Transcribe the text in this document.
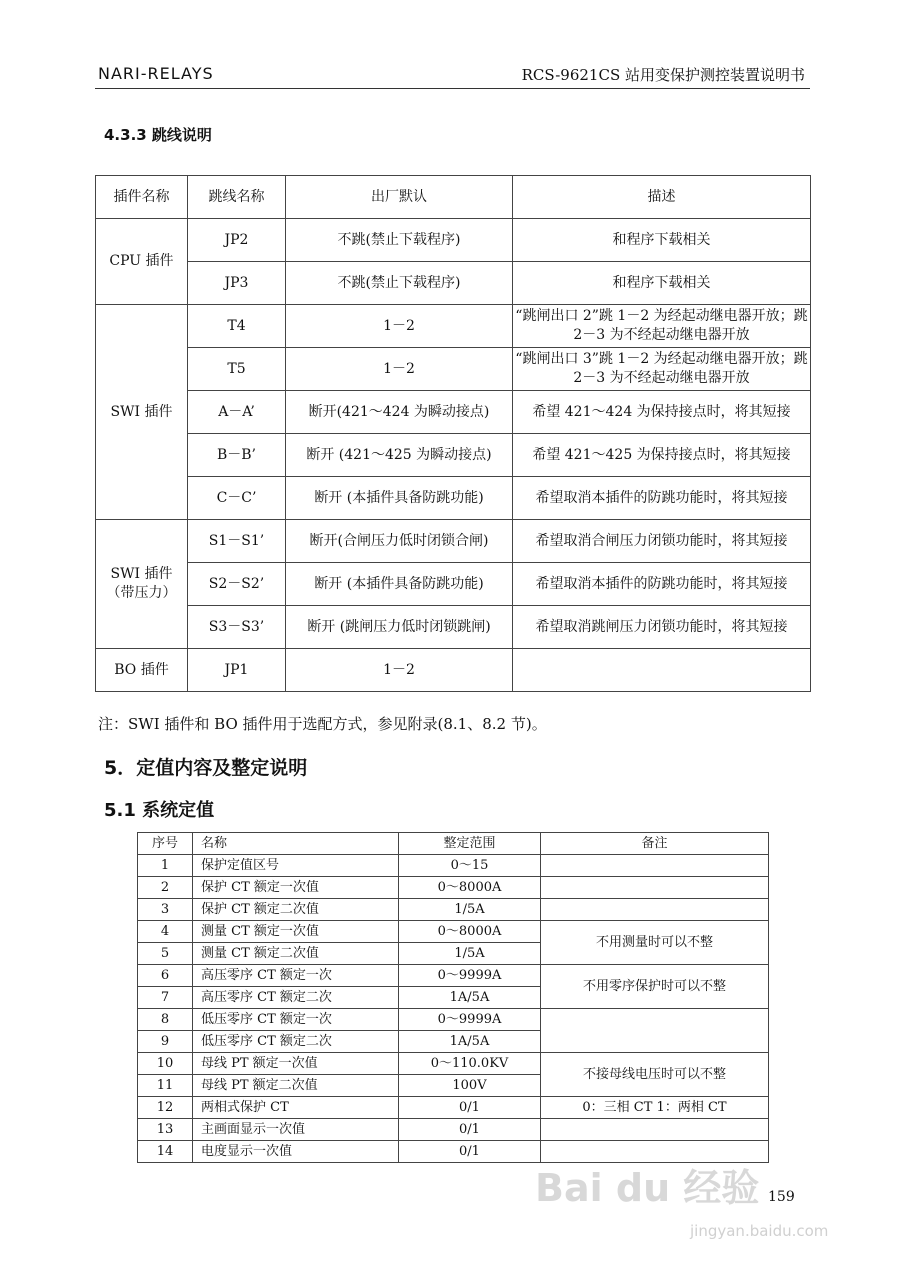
NARI-RELAYS	RCS-9621CS 站用变保护测控装置说明书
4.3.3 跳线说明
插件名称	跳线名称	出厂默认	描述
CPU 插件	JP2	不跳(禁止下载程序)	和程序下载相关
	JP3	不跳(禁止下载程序)	和程序下载相关
SWI 插件	T4	1－2	“跳闸出口 2”跳 1－2 为经起动继电器开放；跳 2－3 为不经起动继电器开放
	T5	1－2	“跳闸出口 3”跳 1－2 为经起动继电器开放；跳 2－3 为不经起动继电器开放
	A－A’	断开(421～424 为瞬动接点)	希望 421～424 为保持接点时，将其短接
	B－B’	断开 (421～425 为瞬动接点)	希望 421～425 为保持接点时，将其短接
	C－C’	断开 (本插件具备防跳功能)	希望取消本插件的防跳功能时，将其短接
SWI 插件（带压力）	S1－S1’	断开(合闸压力低时闭锁合闸)	希望取消合闸压力闭锁功能时，将其短接
	S2－S2’	断开 (本插件具备防跳功能)	希望取消本插件的防跳功能时，将其短接
	S3－S3’	断开 (跳闸压力低时闭锁跳闸)	希望取消跳闸压力闭锁功能时，将其短接
BO 插件	JP1	1－2	
注：SWI 插件和 BO 插件用于选配方式，参见附录(8.1、8.2 节)。
5．定值内容及整定说明
5.1 系统定值
序号	名称	整定范围	备注
1	保护定值区号	0～15	
2	保护 CT 额定一次值	0～8000A	
3	保护 CT 额定二次值	1/5A	
4	测量 CT 额定一次值	0～8000A	不用测量时可以不整
5	测量 CT 额定二次值	1/5A	
6	高压零序 CT 额定一次	0～9999A	不用零序保护时可以不整
7	高压零序 CT 额定二次	1A/5A	
8	低压零序 CT 额定一次	0～9999A	
9	低压零序 CT 额定二次	1A/5A	
10	母线 PT 额定一次值	0～110.0KV	不接母线电压时可以不整
11	母线 PT 额定二次值	100V	
12	两相式保护 CT	0/1	0：三相 CT 1：两相 CT
13	主画面显示一次值	0/1	
14	电度显示一次值	0/1	
Bai du 经验
jingyan.baidu.com
159
